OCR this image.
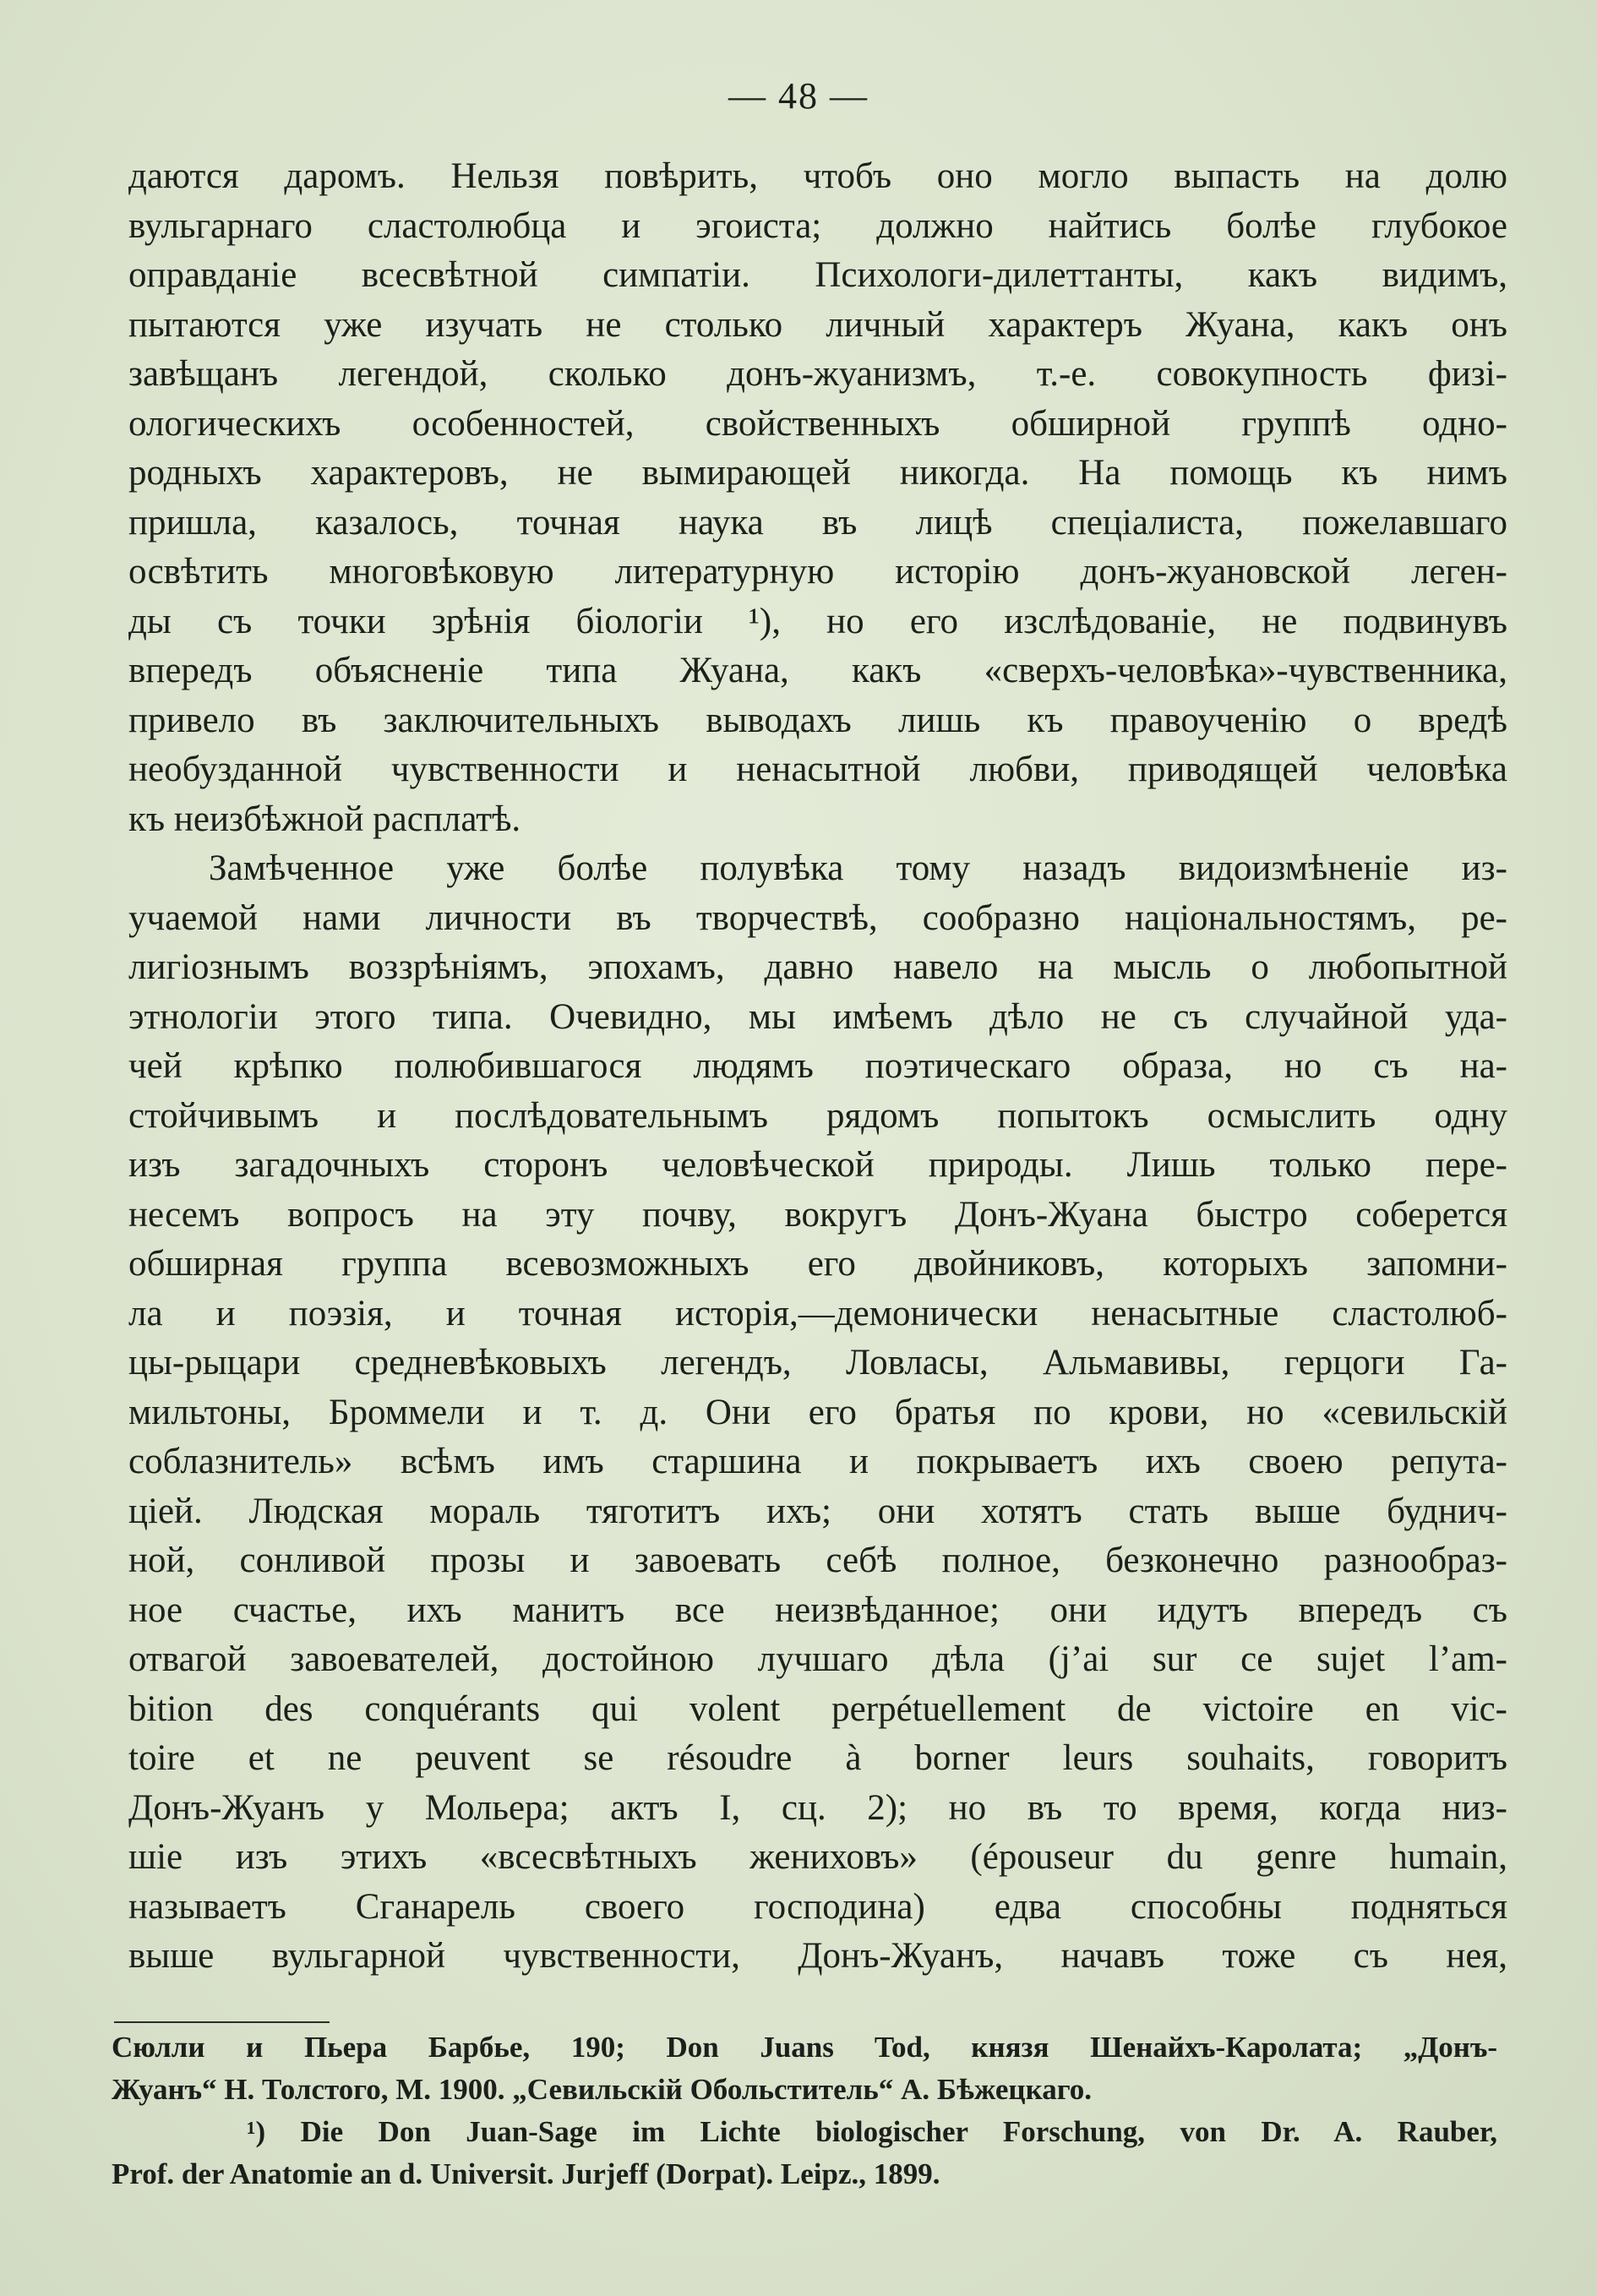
— 48 —
даются даромъ. Нельзя повѣрить, чтобъ оно могло выпасть на долю
вульгарнаго сластолюбца и эгоиста; должно найтись болѣе глубокое
оправданіе всесвѣтной симпатіи. Психологи-дилеттанты, какъ видимъ,
пытаются уже изучать не столько личный характеръ Жуана, какъ онъ
завѣщанъ легендой, сколько донъ-жуанизмъ, т.-е. совокупность физі-
ологическихъ особенностей, свойственныхъ обширной группѣ одно-
родныхъ характеровъ, не вымирающей никогда. На помощь къ нимъ
пришла, казалось, точная наука въ лицѣ спеціалиста, пожелавшаго
освѣтить многовѣковую литературную исторію донъ-жуановской леген-
ды съ точки зрѣнія біологіи ¹), но его изслѣдованіе, не подвинувъ
впередъ объясненіе типа Жуана, какъ «сверхъ-человѣка»-чувственника,
привело въ заключительныхъ выводахъ лишь къ правоученію о вредѣ
необузданной чувственности и ненасытной любви, приводящей человѣка
къ неизбѣжной расплатѣ.
Замѣченное уже болѣе полувѣка тому назадъ видоизмѣненіе из-
учаемой нами личности въ творчествѣ, сообразно національностямъ, ре-
лигіознымъ воззрѣніямъ, эпохамъ, давно навело на мысль о любопытной
этнологіи этого типа. Очевидно, мы имѣемъ дѣло не съ случайной уда-
чей крѣпко полюбившагося людямъ поэтическаго образа, но съ на-
стойчивымъ и послѣдовательнымъ рядомъ попытокъ осмыслить одну
изъ загадочныхъ сторонъ человѣческой природы. Лишь только пере-
несемъ вопросъ на эту почву, вокругъ Донъ-Жуана быстро соберется
обширная группа всевозможныхъ его двойниковъ, которыхъ запомни-
ла и поэзія, и точная исторія,—демонически ненасытные сластолюб-
цы-рыцари средневѣковыхъ легендъ, Ловласы, Альмавивы, герцоги Га-
мильтоны, Броммели и т. д. Они его братья по крови, но «севильскій
соблазнитель» всѣмъ имъ старшина и покрываетъ ихъ своею репута-
ціей. Людская мораль тяготитъ ихъ; они хотятъ стать выше буднич-
ной, сонливой прозы и завоевать себѣ полное, безконечно разнообраз-
ное счастье, ихъ манитъ все неизвѣданное; они идутъ впередъ съ
отвагой завоевателей, достойною лучшаго дѣла (j’ai sur ce sujet l’am-
bition des conquérants qui volent perpétuellement de victoire en vic-
toire et ne peuvent se résoudre à borner leurs souhaits, говоритъ
Донъ-Жуанъ у Мольера; актъ I, сц. 2); но въ то время, когда низ-
шіе изъ этихъ «всесвѣтныхъ жениховъ» (épouseur du genre humain,
называетъ Сганарель своего господина) едва способны подняться
выше вульгарной чувственности, Донъ-Жуанъ, начавъ тоже съ нея,
Сюлли и Пьера Барбье, 190; Don Juans Tod, князя Шенайхъ-Каролата; „Донъ-
Жуанъ“ Н. Толстого, М. 1900. „Севильскій Обольститель“ А. Бѣжецкаго.
¹) Die Don Juan-Sage im Lichte biologischer Forschung, von Dr. A. Rauber,
Prof. der Anatomie an d. Universit. Jurjeff (Dorpat). Leipz., 1899.
